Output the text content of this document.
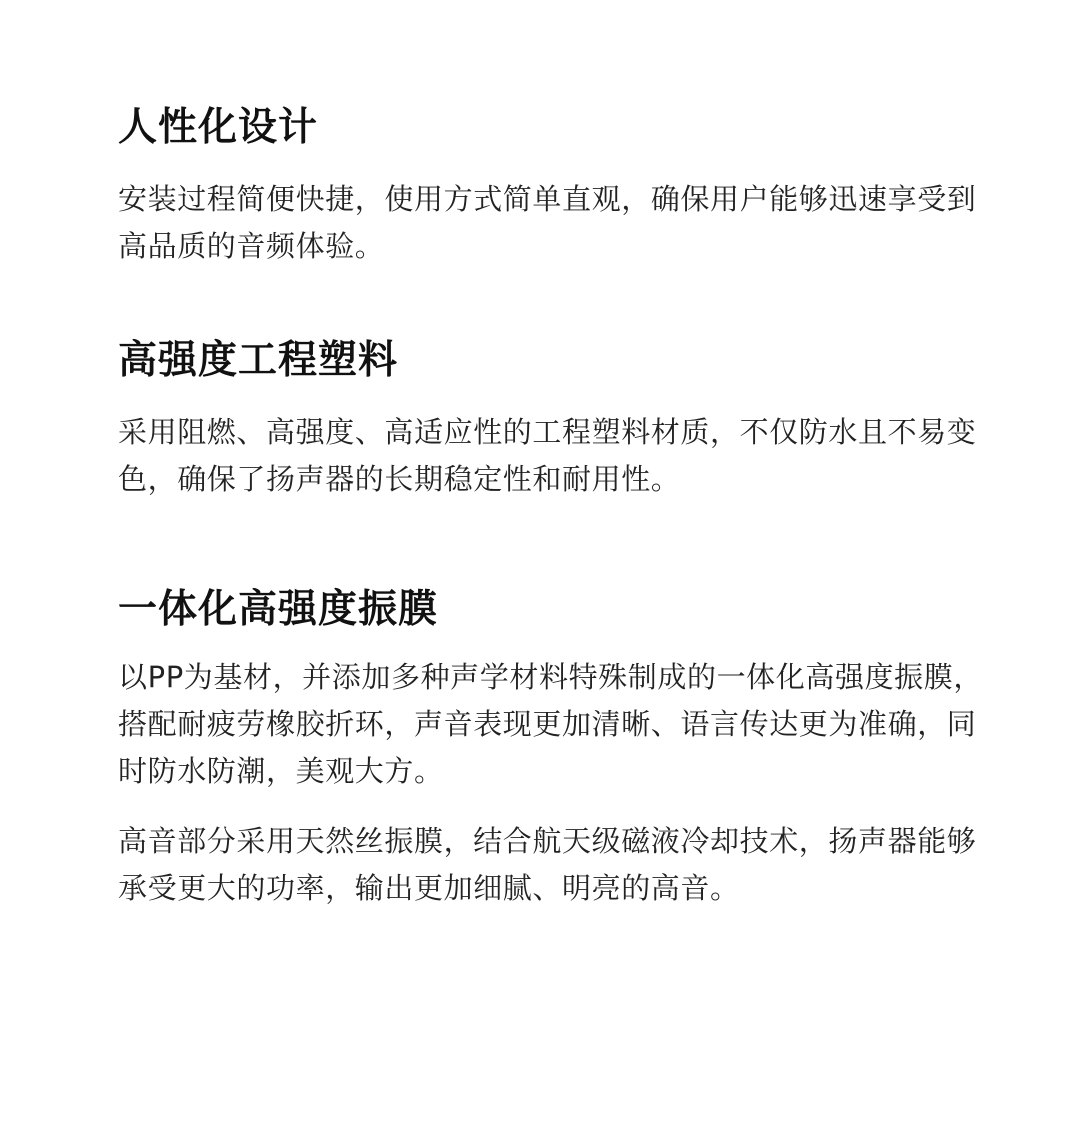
人性化设计
安装过程简便快捷，使用方式简单直观，确保用户能够迅速享受到
高品质的音频体验。
高强度工程塑料
采用阻燃、高强度、高适应性的工程塑料材质，不仅防水且不易变
色，确保了扬声器的长期稳定性和耐用性。
一体化高强度振膜
以PP为基材，并添加多种声学材料特殊制成的一体化高强度振膜，
搭配耐疲劳橡胶折环，声音表现更加清晰、语言传达更为准确，同
时防水防潮，美观大方。
高音部分采用天然丝振膜，结合航天级磁液冷却技术，扬声器能够
承受更大的功率，输出更加细腻、明亮的高音。
